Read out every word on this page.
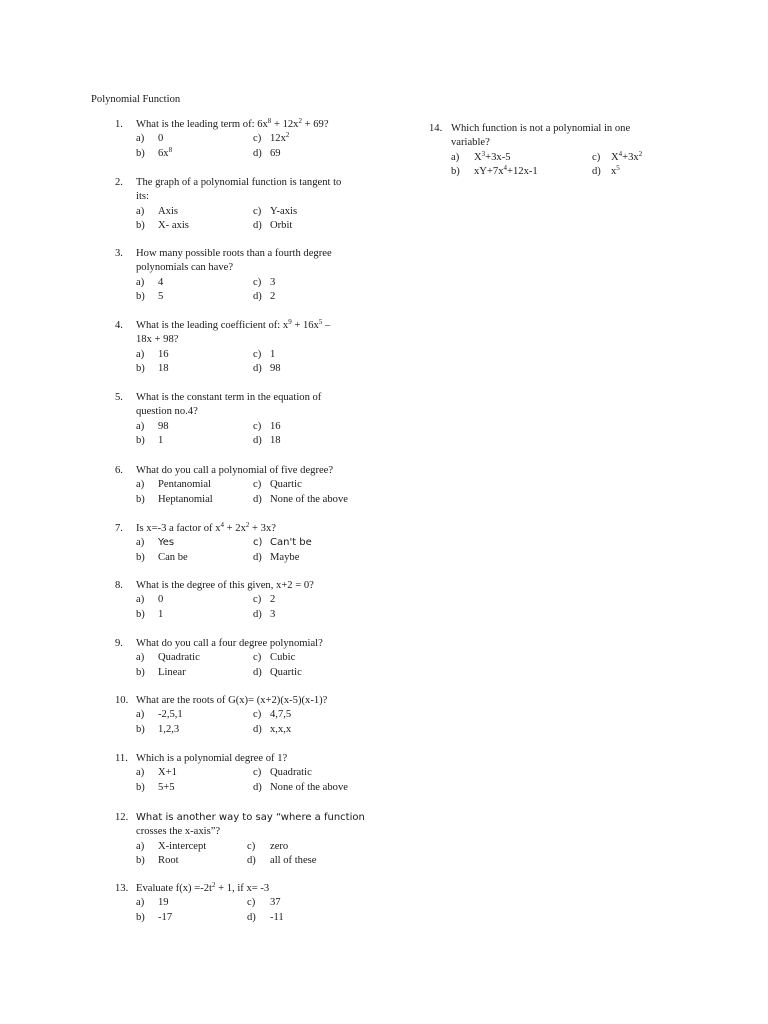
Polynomial Function
1. What is the leading term of: $6x^8 + 12x^2 + 69$?
a) 0	c) $12x^2$
b) $6x^8$	d) 69
2. The graph of a polynomial function is tangent to
its:
a) Axis	c) Y-axis
b) X- axis	d) Orbit
3. How many possible roots than a fourth degree
polynomials can have?
a) 4	c) 3
b) 5	d) 2
4. What is the leading coefficient of: $x^9 + 16x^5$ –
18x + 98?
a) 16	c) 1
b) 18	d) 98
5. What is the constant term in the equation of
question no.4?
a) 98	c) 16
b) 1	d) 18
6. What do you call a polynomial of five degree?
a) Pentanomial	c) Quartic
b) Heptanomial	d) None of the above
7. Is x=-3 a factor of $x^4 + 2x^2 + 3x$?
a) Yes	c) Can't be
b) Can be	d) Maybe
8. What is the degree of this given, x+2 = 0?
a) 0	c) 2
b) 1	d) 3
9. What do you call a four degree polynomial?
a) Quadratic	c) Cubic
b) Linear	d) Quartic
10. What are the roots of G(x)= (x+2)(x-5)(x-1)?
a) -2,5,1	c) 4,7,5
b) 1,2,3	d) x,x,x
11. Which is a polynomial degree of 1?
a) X+1	c) Quadratic
b) 5+5	d) None of the above
12. What is another way to say “where a function
crosses the x-axis”?
a) X-intercept	c) zero
b) Root	d) all of these
13. Evaluate $f(x) =-2t^2 + 1$, if x= -3
a) 19	c) 37
b) -17	d) -11
14. Which function is not a polynomial in one
variable?
a) $X^3+3x-5$	c) $X^4+3x^2$
b) $xY+7x^4+12x-1$	d) $x^5$
